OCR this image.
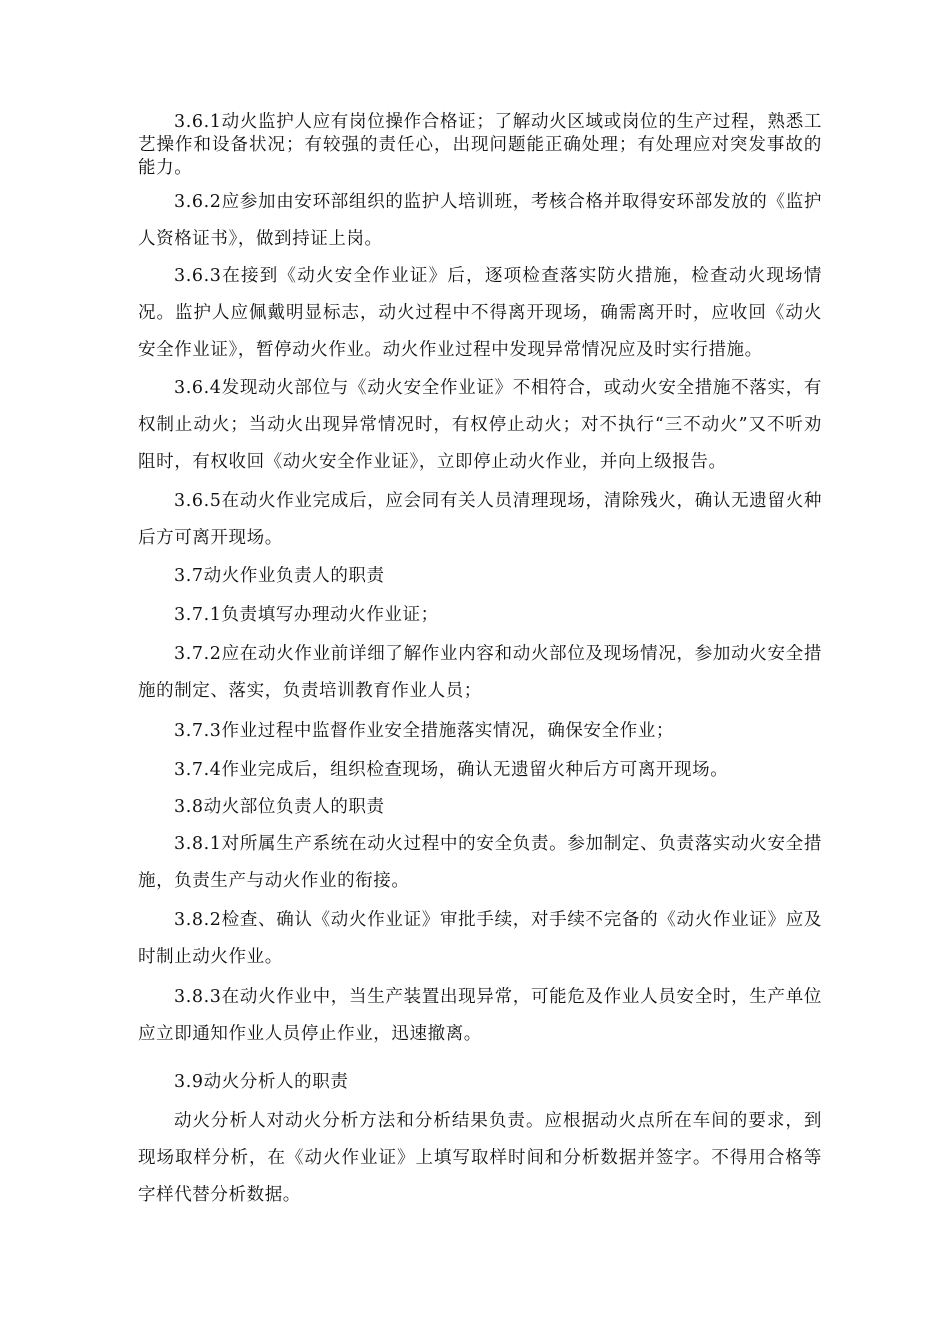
3.6.1动火监护人应有岗位操作合格证；了解动火区域或岗位的生产过程，熟悉工艺操作和设备状况；有较强的责任心，出现问题能正确处理；有处理应对突发事故的能力。

3.6.2应参加由安环部组织的监护人培训班，考核合格并取得安环部发放的《监护人资格证书》，做到持证上岗。

3.6.3在接到《动火安全作业证》后，逐项检查落实防火措施，检查动火现场情况。监护人应佩戴明显标志，动火过程中不得离开现场，确需离开时，应收回《动火安全作业证》，暂停动火作业。动火作业过程中发现异常情况应及时实行措施。

3.6.4发现动火部位与《动火安全作业证》不相符合，或动火安全措施不落实，有权制止动火；当动火出现异常情况时，有权停止动火；对不执行“三不动火”又不听劝阻时，有权收回《动火安全作业证》，立即停止动火作业，并向上级报告。

3.6.5在动火作业完成后，应会同有关人员清理现场，清除残火，确认无遗留火种后方可离开现场。

3.7动火作业负责人的职责

3.7.1负责填写办理动火作业证；

3.7.2应在动火作业前详细了解作业内容和动火部位及现场情况，参加动火安全措施的制定、落实，负责培训教育作业人员；

3.7.3作业过程中监督作业安全措施落实情况，确保安全作业；

3.7.4作业完成后，组织检查现场，确认无遗留火种后方可离开现场。

3.8动火部位负责人的职责

3.8.1对所属生产系统在动火过程中的安全负责。参加制定、负责落实动火安全措施，负责生产与动火作业的衔接。

3.8.2检查、确认《动火作业证》审批手续，对手续不完备的《动火作业证》应及时制止动火作业。

3.8.3在动火作业中，当生产装置出现异常，可能危及作业人员安全时，生产单位应立即通知作业人员停止作业，迅速撤离。

3.9动火分析人的职责

动火分析人对动火分析方法和分析结果负责。应根据动火点所在车间的要求，到现场取样分析，在《动火作业证》上填写取样时间和分析数据并签字。不得用合格等字样代替分析数据。
